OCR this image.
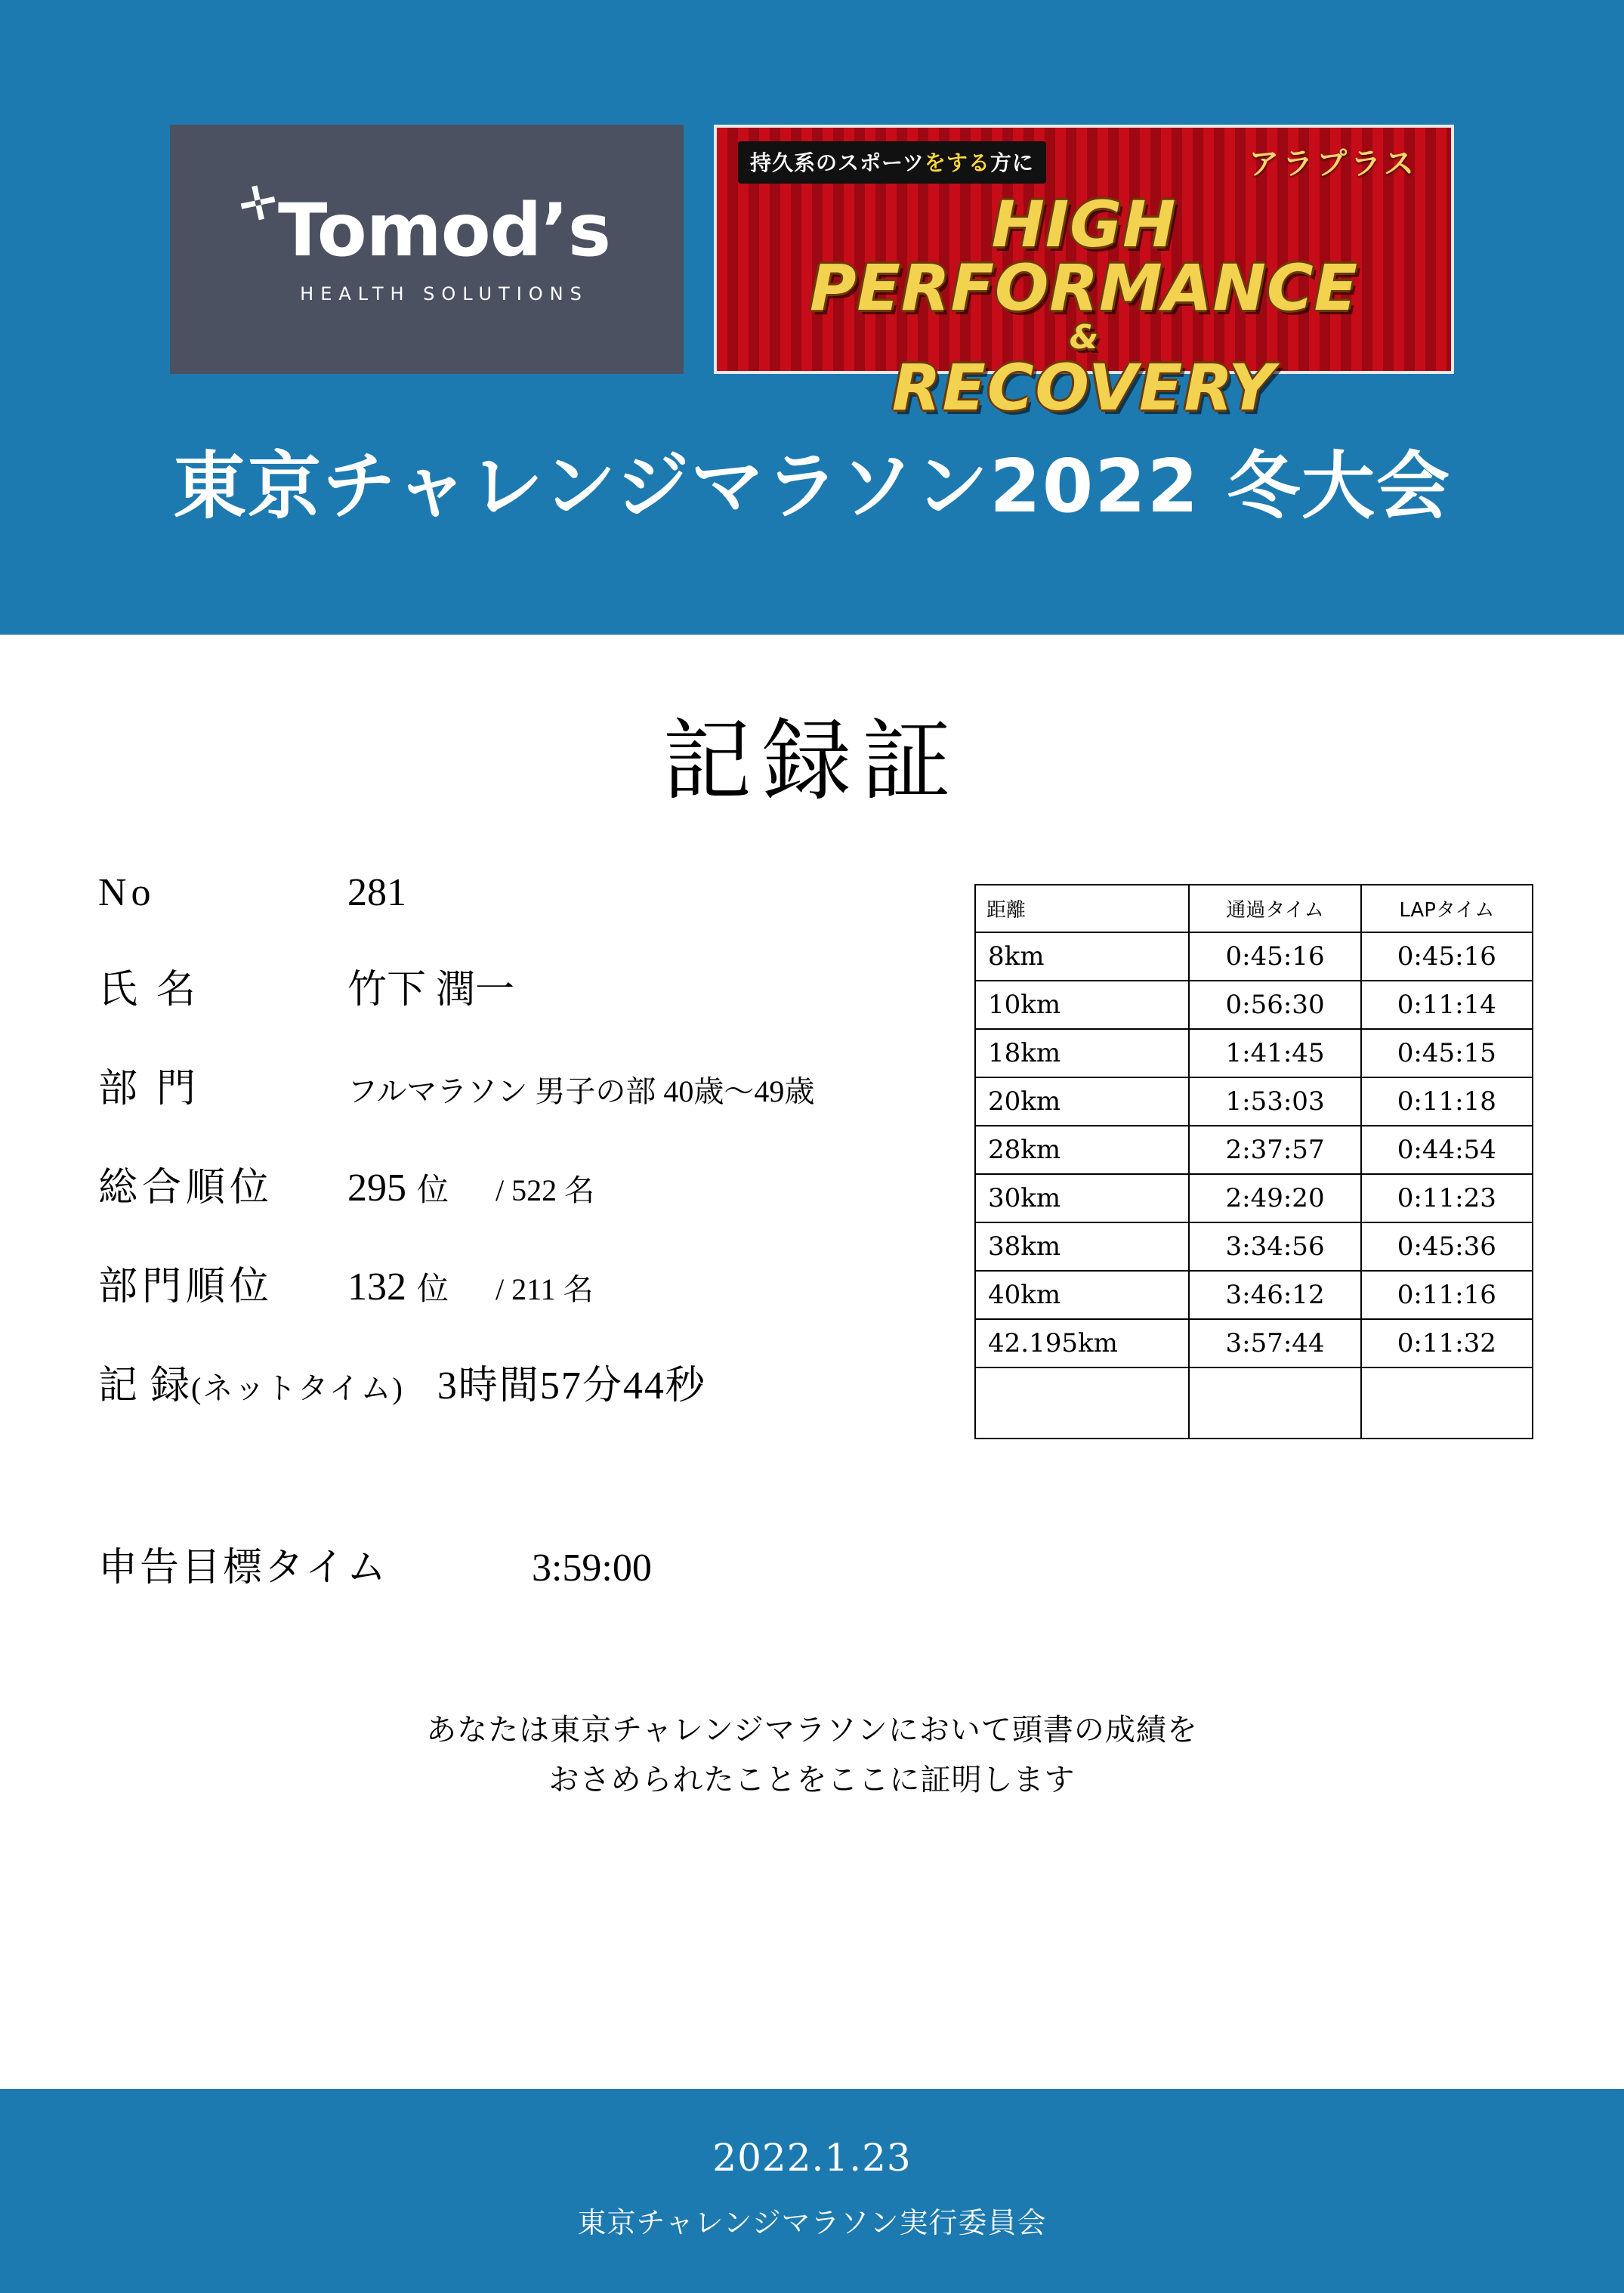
✛
Tomod’s
HEALTH SOLUTIONS
持久系のスポーツをする方に	アラプラス
HIGH PERFORMANCE
&
RECOVERY
東京チャレンジマラソン2022 冬大会
記録証
No	281
氏 名	竹下 潤一
部 門	フルマラソン 男子の部 40歳〜49歳
総合順位	295 位 / 522 名
部門順位	132 位 / 211 名
記 録(ネットタイム) 3時間57分44秒
距離	通過タイム	LAPタイム
8km	0:45:16	0:45:16
10km	0:56:30	0:11:14
18km	1:41:45	0:45:15
20km	1:53:03	0:11:18
28km	2:37:57	0:44:54
30km	2:49:20	0:11:23
38km	3:34:56	0:45:36
40km	3:46:12	0:11:16
42.195km	3:57:44	0:11:32

申告目標タイム	3:59:00
あなたは東京チャレンジマラソンにおいて頭書の成績を
おさめられたことをここに証明します
2022.1.23
東京チャレンジマラソン実行委員会
